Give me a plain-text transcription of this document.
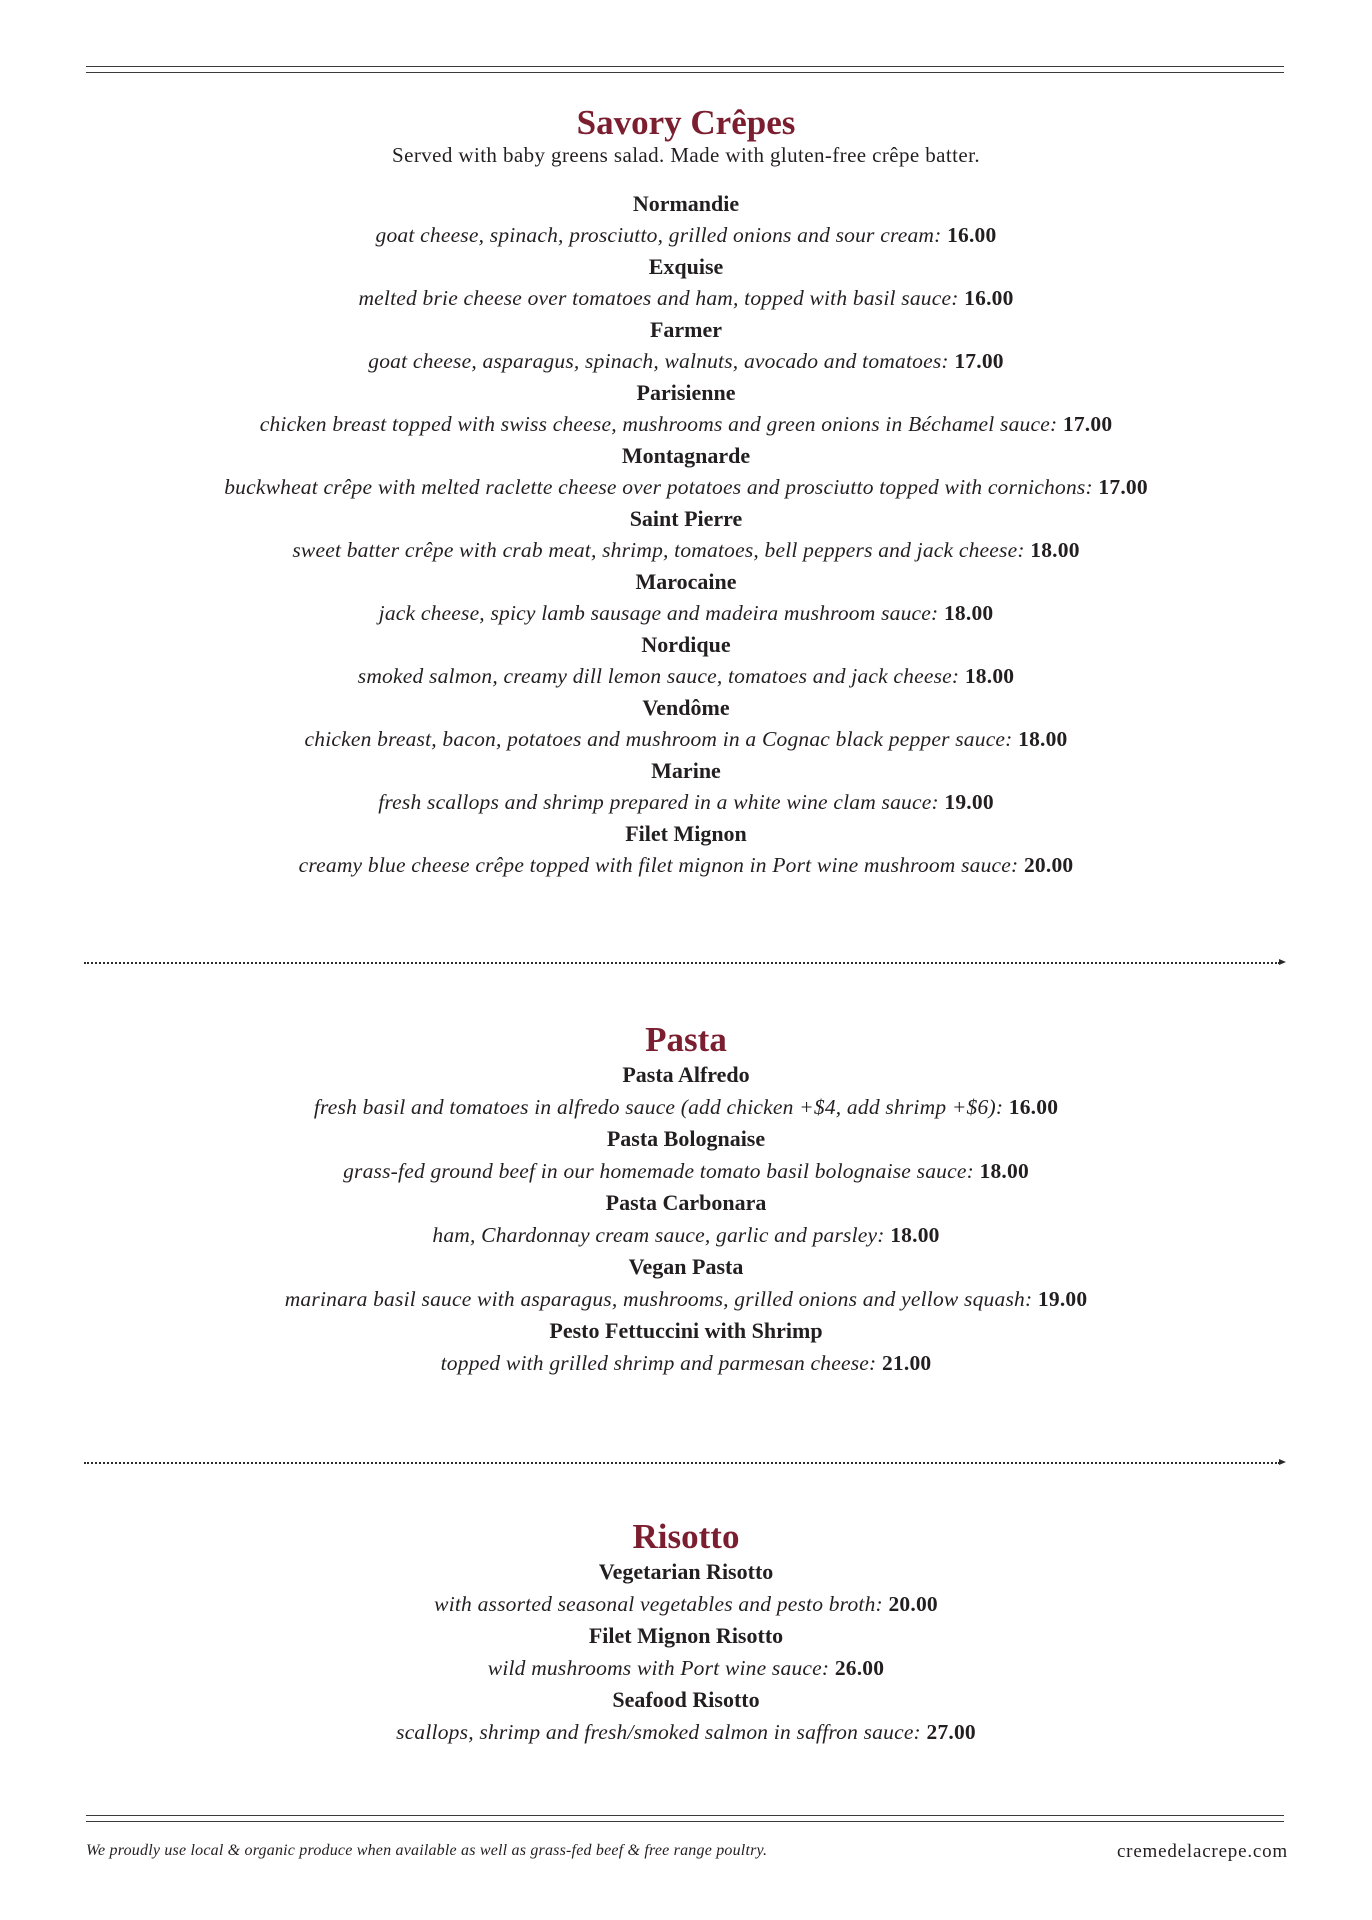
Savory Crêpes

Served with baby greens salad. Made with gluten-free crêpe batter.

Normandie

goat cheese, spinach, prosciutto, grilled onions and sour cream: 16.00

Exquise

melted brie cheese over tomatoes and ham, topped with basil sauce: 16.00

Farmer

goat cheese, asparagus, spinach, walnuts, avocado and tomatoes: 17.00

Parisienne

chicken breast topped with swiss cheese, mushrooms and green onions in Béchamel sauce: 17.00

Montagnarde

buckwheat crêpe with melted raclette cheese over potatoes and prosciutto topped with cornichons: 17.00

Saint Pierre

sweet batter crêpe with crab meat, shrimp, tomatoes, bell peppers and jack cheese: 18.00

Marocaine

jack cheese, spicy lamb sausage and madeira mushroom sauce: 18.00

Nordique

smoked salmon, creamy dill lemon sauce, tomatoes and jack cheese: 18.00

Vendôme

chicken breast, bacon, potatoes and mushroom in a Cognac black pepper sauce: 18.00

Marine

fresh scallops and shrimp prepared in a white wine clam sauce: 19.00

Filet Mignon

creamy blue cheese crêpe topped with filet mignon in Port wine mushroom sauce: 20.00

Pasta

Pasta Alfredo

fresh basil and tomatoes in alfredo sauce (add chicken +$4, add shrimp +$6): 16.00

Pasta Bolognaise

grass-fed ground beef in our homemade tomato basil bolognaise sauce: 18.00

Pasta Carbonara

ham, Chardonnay cream sauce, garlic and parsley: 18.00

Vegan Pasta

marinara basil sauce with asparagus, mushrooms, grilled onions and yellow squash: 19.00

Pesto Fettuccini with Shrimp

topped with grilled shrimp and parmesan cheese: 21.00

Risotto

Vegetarian Risotto

with assorted seasonal vegetables and pesto broth: 20.00

Filet Mignon Risotto

wild mushrooms with Port wine sauce: 26.00

Seafood Risotto

scallops, shrimp and fresh/smoked salmon in saffron sauce: 27.00

We proudly use local & organic produce when available as well as grass-fed beef & free range poultry.	cremedelacrepe.com
